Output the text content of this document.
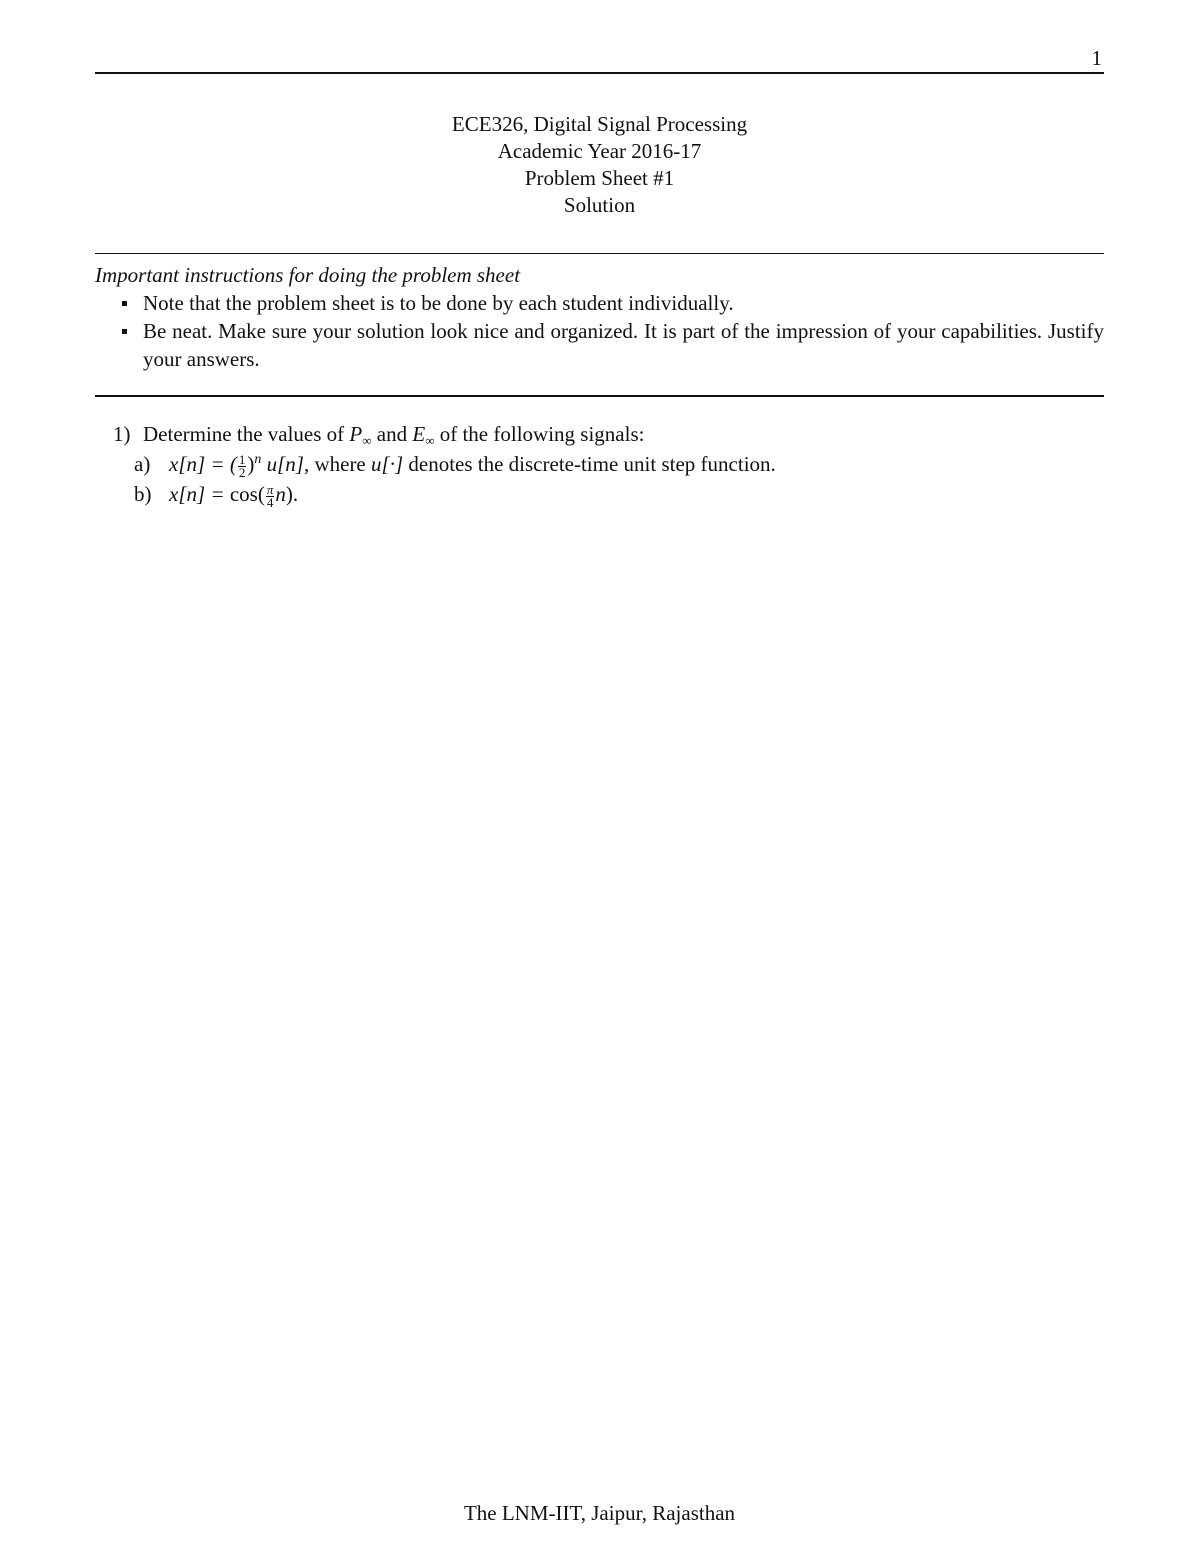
1
ECE326, Digital Signal Processing
Academic Year 2016-17
Problem Sheet #1
Solution
Important instructions for doing the problem sheet
Note that the problem sheet is to be done by each student individually.
Be neat. Make sure your solution look nice and organized. It is part of the impression of your capabilities. Justify your answers.
1) Determine the values of $P_\infty$ and $E_\infty$ of the following signals:
a) x[n] = ( $\frac{1}{2} )^n$ u[n], where u[·] denotes the discrete-time unit step function.
b) $x[n] = \cos( \frac{\pi}{4} n)$.
The LNM-IIT, Jaipur, Rajasthan
